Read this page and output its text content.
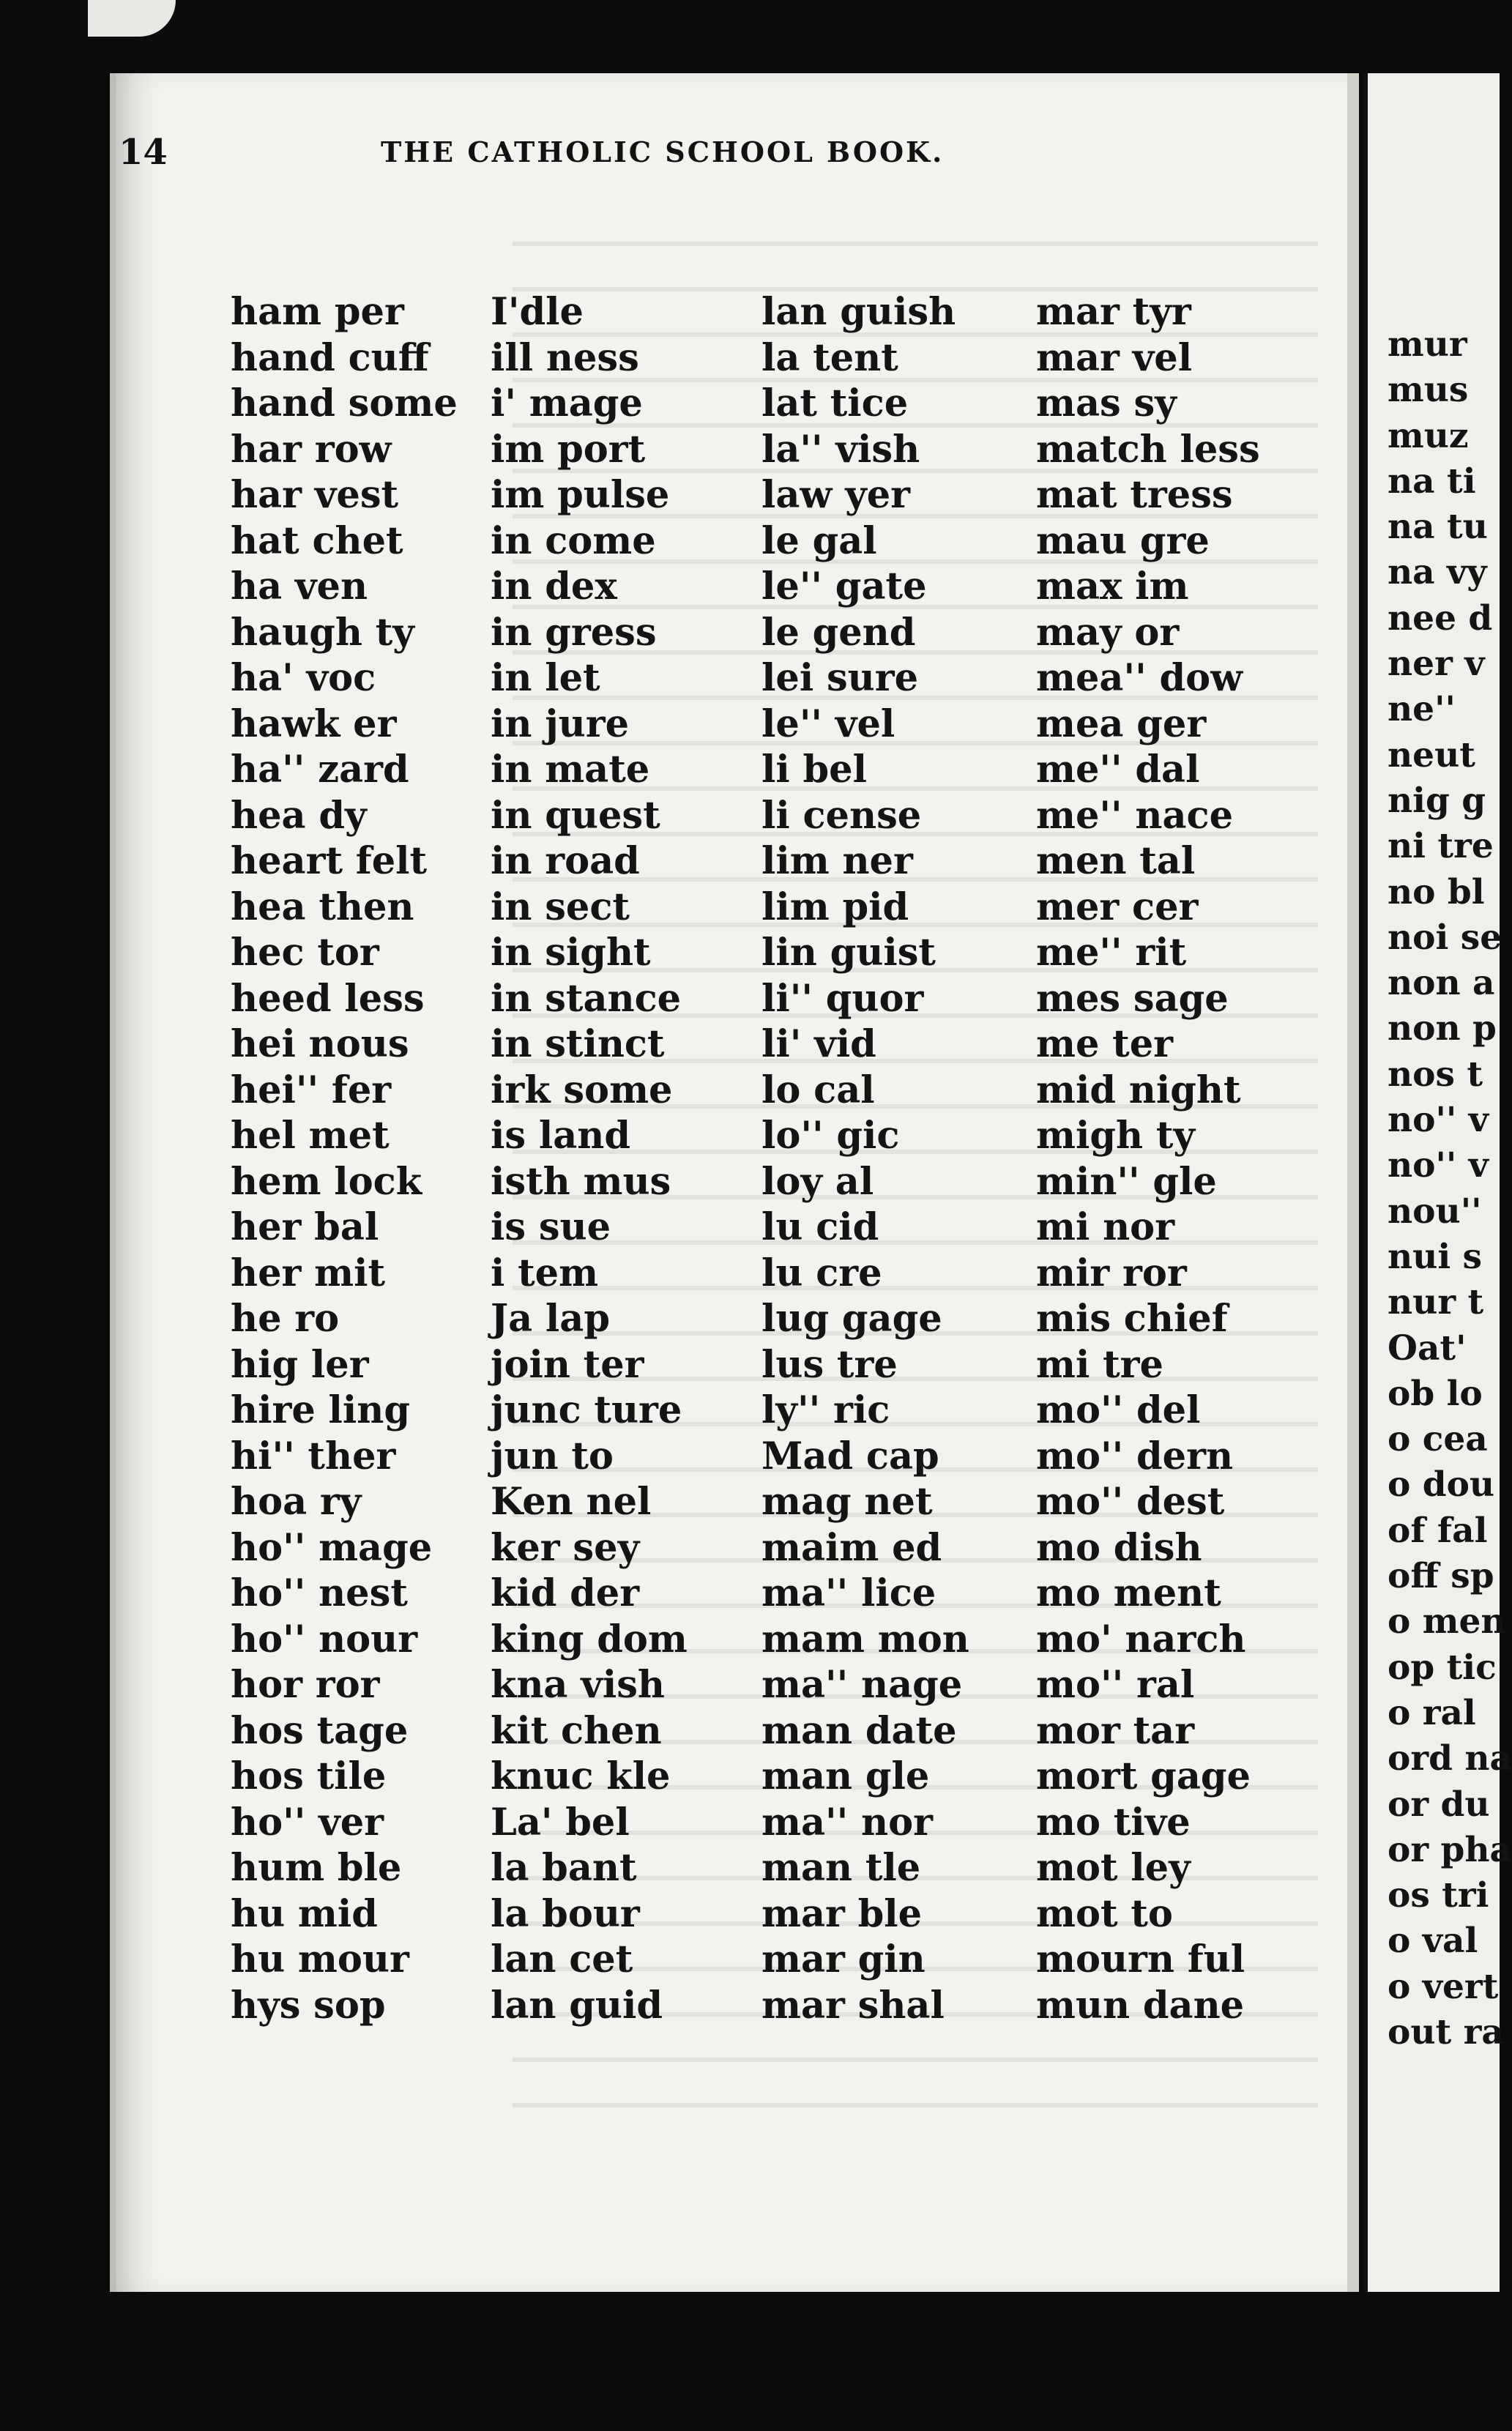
14	THE CATHOLIC SCHOOL BOOK.
ham per
hand cuff
hand some
har row
har vest
hat chet
ha ven
haugh ty
ha' voc
hawk er
ha'' zard
hea dy
heart felt
hea then
hec tor
heed less
hei nous
hei'' fer
hel met
hem lock
her bal
her mit
he ro
hig ler
hire ling
hi'' ther
hoa ry
ho'' mage
ho'' nest
ho'' nour
hor ror
hos tage
hos tile
ho'' ver
hum ble
hu mid
hu mour
hys sop
I'dle
ill ness
i' mage
im port
im pulse
in come
in dex
in gress
in let
in jure
in mate
in quest
in road
in sect
in sight
in stance
in stinct
irk some
is land
isth mus
is sue
i tem
Ja lap
join ter
junc ture
jun to
Ken nel
ker sey
kid der
king dom
kna vish
kit chen
knuc kle
La' bel
la bant
la bour
lan cet
lan guid
lan guish
la tent
lat tice
la'' vish
law yer
le gal
le'' gate
le gend
lei sure
le'' vel
li bel
li cense
lim ner
lim pid
lin guist
li'' quor
li' vid
lo cal
lo'' gic
loy al
lu cid
lu cre
lug gage
lus tre
ly'' ric
Mad cap
mag net
maim ed
ma'' lice
mam mon
ma'' nage
man date
man gle
ma'' nor
man tle
mar ble
mar gin
mar shal
mar tyr
mar vel
mas sy
match less
mat tress
mau gre
max im
may or
mea'' dow
mea ger
me'' dal
me'' nace
men tal
mer cer
me'' rit
mes sage
me ter
mid night
migh ty
min'' gle
mi nor
mir ror
mis chief
mi tre
mo'' del
mo'' dern
mo'' dest
mo dish
mo ment
mo' narch
mo'' ral
mor tar
mort gage
mo tive
mot ley
mot to
mourn ful
mun dane
mur
mus
muz
na ti
na tu
na vy
nee d
ner v
ne''
neut
nig g
ni tre
no bl
noi se
non a
non p
nos t
no'' v
no'' v
nou''
nui s
nur t
Oat'
ob lo
o cea
o dou
of fal
off sp
o men
op tic
o ral
ord na
or du
or pha
os tri
o val
o vert
out ra
